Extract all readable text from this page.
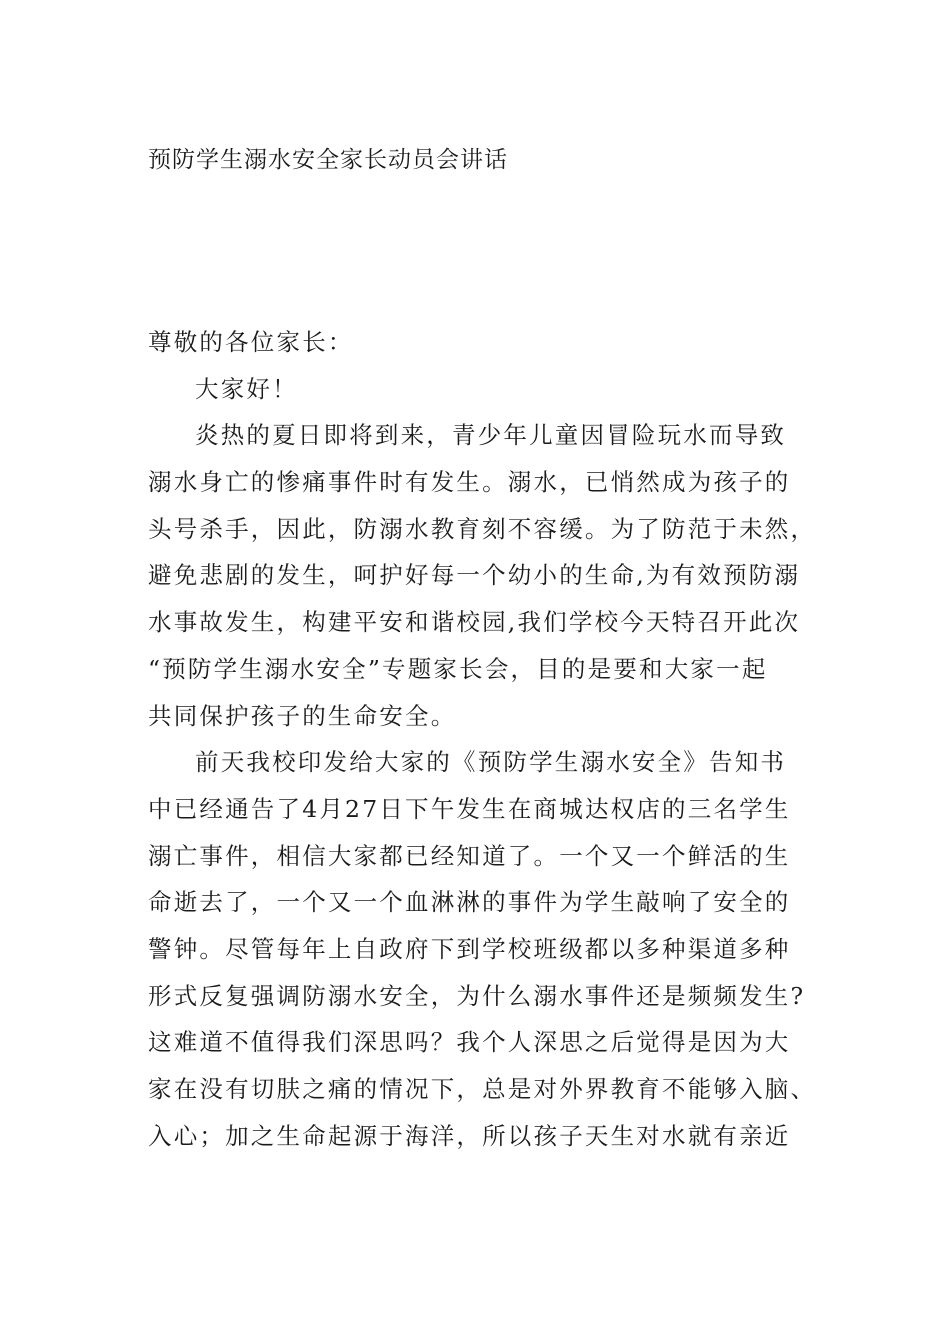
预防学生溺水安全家长动员会讲话
尊敬的各位家长：
大家好！
炎热的夏日即将到来，青少年儿童因冒险玩水而导致
溺水身亡的惨痛事件时有发生。溺水，已悄然成为孩子的
头号杀手，因此，防溺水教育刻不容缓。为了防范于未然，
避免悲剧的发生，呵护好每一个幼小的生命,为有效预防溺
水事故发生，构建平安和谐校园,我们学校今天特召开此次
“预防学生溺水安全”专题家长会，目的是要和大家一起
共同保护孩子的生命安全。
前天我校印发给大家的《预防学生溺水安全》告知书
中已经通告了4月27日下午发生在商城达权店的三名学生
溺亡事件，相信大家都已经知道了。一个又一个鲜活的生
命逝去了，一个又一个血淋淋的事件为学生敲响了安全的
警钟。尽管每年上自政府下到学校班级都以多种渠道多种
形式反复强调防溺水安全，为什么溺水事件还是频频发生?
这难道不值得我们深思吗？我个人深思之后觉得是因为大
家在没有切肤之痛的情况下，总是对外界教育不能够入脑、
入心；加之生命起源于海洋，所以孩子天生对水就有亲近
